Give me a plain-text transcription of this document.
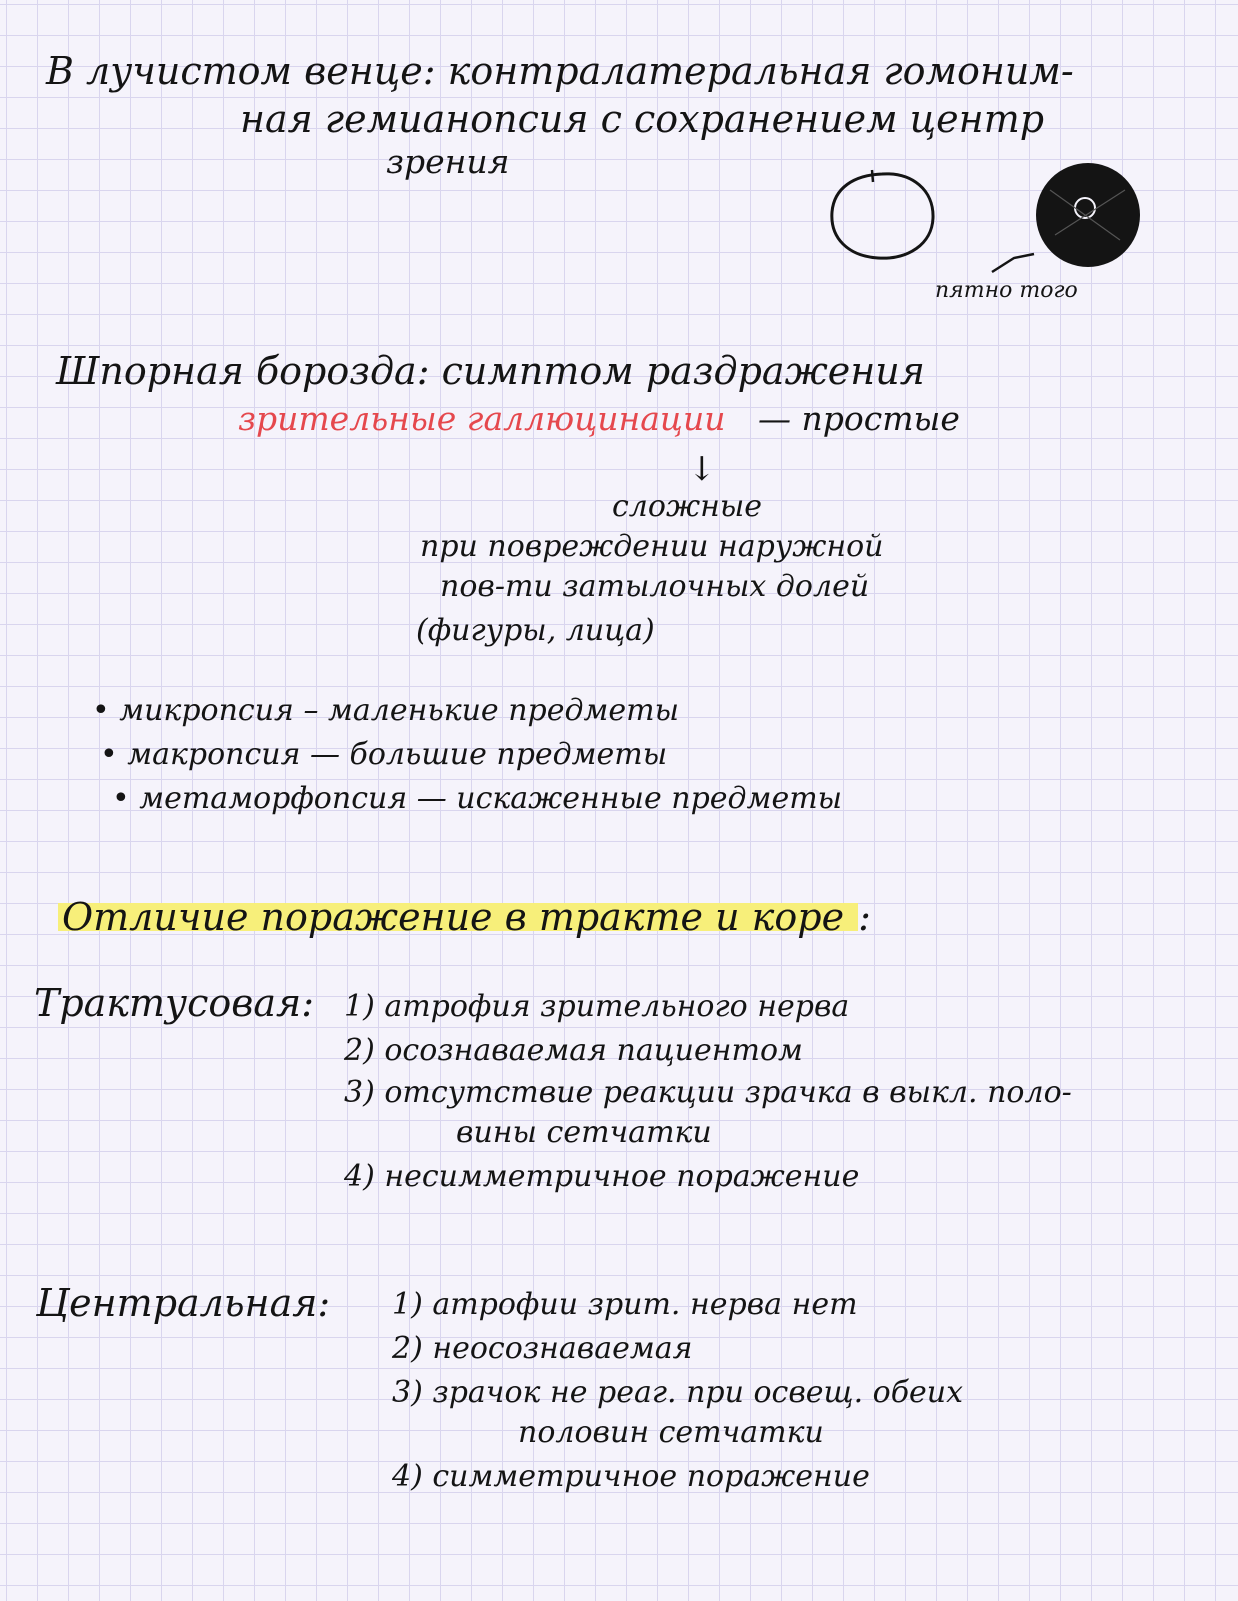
В лучистом венце: контралатеральная гомоним-
ная гемианопсия с сохранением центр
зрения
пятно того
Шпорная борозда: симптом раздражения
зрительные галлюцинации — простые
↓
сложные
при повреждении наружной
пов-ти затылочных долей
(фигуры, лица)
• микропсия – маленькие предметы
• макропсия — большие предметы
• метаморфопсия — искаженные предметы
Отличие поражение в тракте и коре :
Трактусовая: 1) атрофия зрительного нерва
2) осознаваемая пациентом
3) отсутствие реакции зрачка в выкл. поло-
вины сетчатки
4) несимметричное поражение
Центральная: 1) атрофии зрит. нерва нет
2) неосознаваемая
3) зрачок не реаг. при освещ. обеих
половин сетчатки
4) симметричное поражение
